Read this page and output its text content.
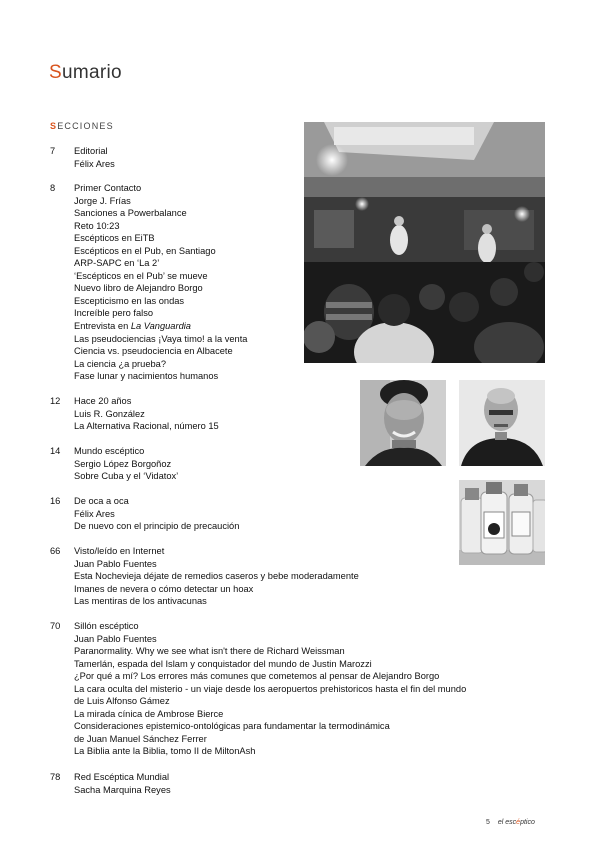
Sumario
SECCIONES
7	Editorial
Félix Ares
8	Primer Contacto
Jorge J. Frías
Sanciones a Powerbalance
Reto 10:23
Escépticos en EiTB
Escépticos en el Pub, en Santiago
ARP-SAPC en ‘La 2’
‘Escépticos en el Pub’ se mueve
Nuevo libro de Alejandro Borgo
Escepticismo en las ondas
Increíble pero falso
Entrevista en La Vanguardia
Las pseudociencias ¡Vaya timo! a la venta
Ciencia vs. pseudociencia en Albacete
La ciencia ¿a prueba?
Fase lunar y nacimientos humanos
12	Hace 20 años
Luis R. González
La Alternativa Racional, número 15
14	Mundo escéptico
Sergio López Borgoñoz
Sobre Cuba y el ‘Vidatox’
16	De oca a oca
Félix Ares
De nuevo con el principio de precaución
66	Visto/leído en Internet
Juan Pablo Fuentes
Esta Nochevieja déjate de remedios caseros y bebe moderadamente
Imanes de nevera o cómo detectar un hoax
Las mentiras de los antivacunas
70	Sillón escéptico
Juan Pablo Fuentes
Paranormality. Why we see what isn't there de Richard Weissman
Tamerlán, espada del Islam y conquistador del mundo de Justin Marozzi
¿Por qué a mí? Los errores más comunes que cometemos al pensar de Alejandro Borgo
La cara oculta del misterio - un viaje desde los aeropuertos prehistoricos hasta el fin del mundo
de Luis Alfonso Gámez
La mirada cínica de Ambrose Bierce
Consideraciones epistemico-ontológicas para fundamentar la termodinámica
de Juan Manuel Sánchez Ferrer
La Biblia ante la Biblia, tomo II de MiltonAsh
78	Red Escéptica Mundial
Sacha Marquina Reyes
5 el escéptico
